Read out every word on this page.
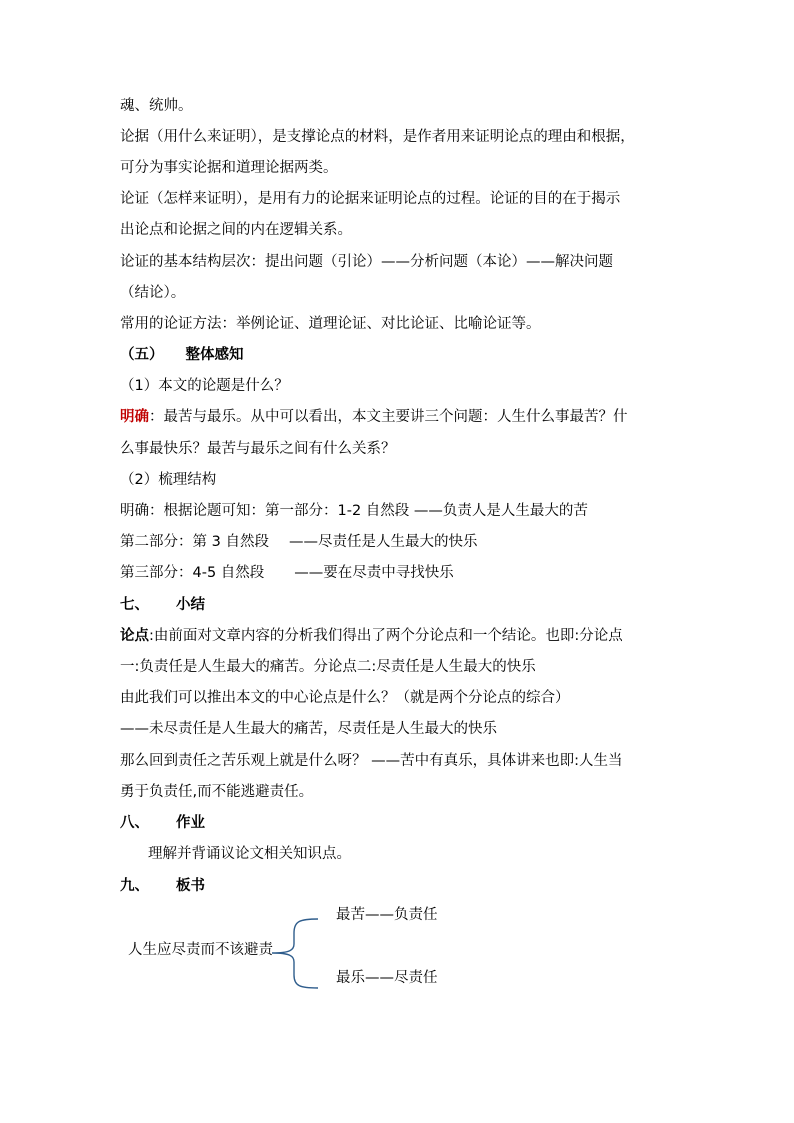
魂、统帅。
论据（用什么来证明），是支撑论点的材料，是作者用来证明论点的理由和根据，
可分为事实论据和道理论据两类。
论证（怎样来证明），是用有力的论据来证明论点的过程。论证的目的在于揭示
出论点和论据之间的内在逻辑关系。
论证的基本结构层次：提出问题（引论）——分析问题（本论）——解决问题
（结论）。
常用的论证方法：举例论证、道理论证、对比论证、比喻论证等。
（五） 整体感知
（1）本文的论题是什么？
明确：最苦与最乐。从中可以看出，本文主要讲三个问题：人生什么事最苦？什
么事最快乐？最苦与最乐之间有什么关系？
（2）梳理结构
明确：根据论题可知：第一部分：1-2 自然段 ——负责人是人生最大的苦
第二部分：第 3 自然段 ——尽责任是人生最大的快乐
第三部分：4-5 自然段 ——要在尽责中寻找快乐
七、 小结
论点:由前面对文章内容的分析我们得出了两个分论点和一个结论。也即:分论点
一:负责任是人生最大的痛苦。分论点二:尽责任是人生最大的快乐
由此我们可以推出本文的中心论点是什么？（就是两个分论点的综合）
——未尽责任是人生最大的痛苦，尽责任是人生最大的快乐
那么回到责任之苦乐观上就是什么呀？ ——苦中有真乐，具体讲来也即:人生当
勇于负责任,而不能逃避责任。
八、 作业
理解并背诵议论文相关知识点。
九、 板书
最苦——负责任
人生应尽责而不该避责
最乐——尽责任
